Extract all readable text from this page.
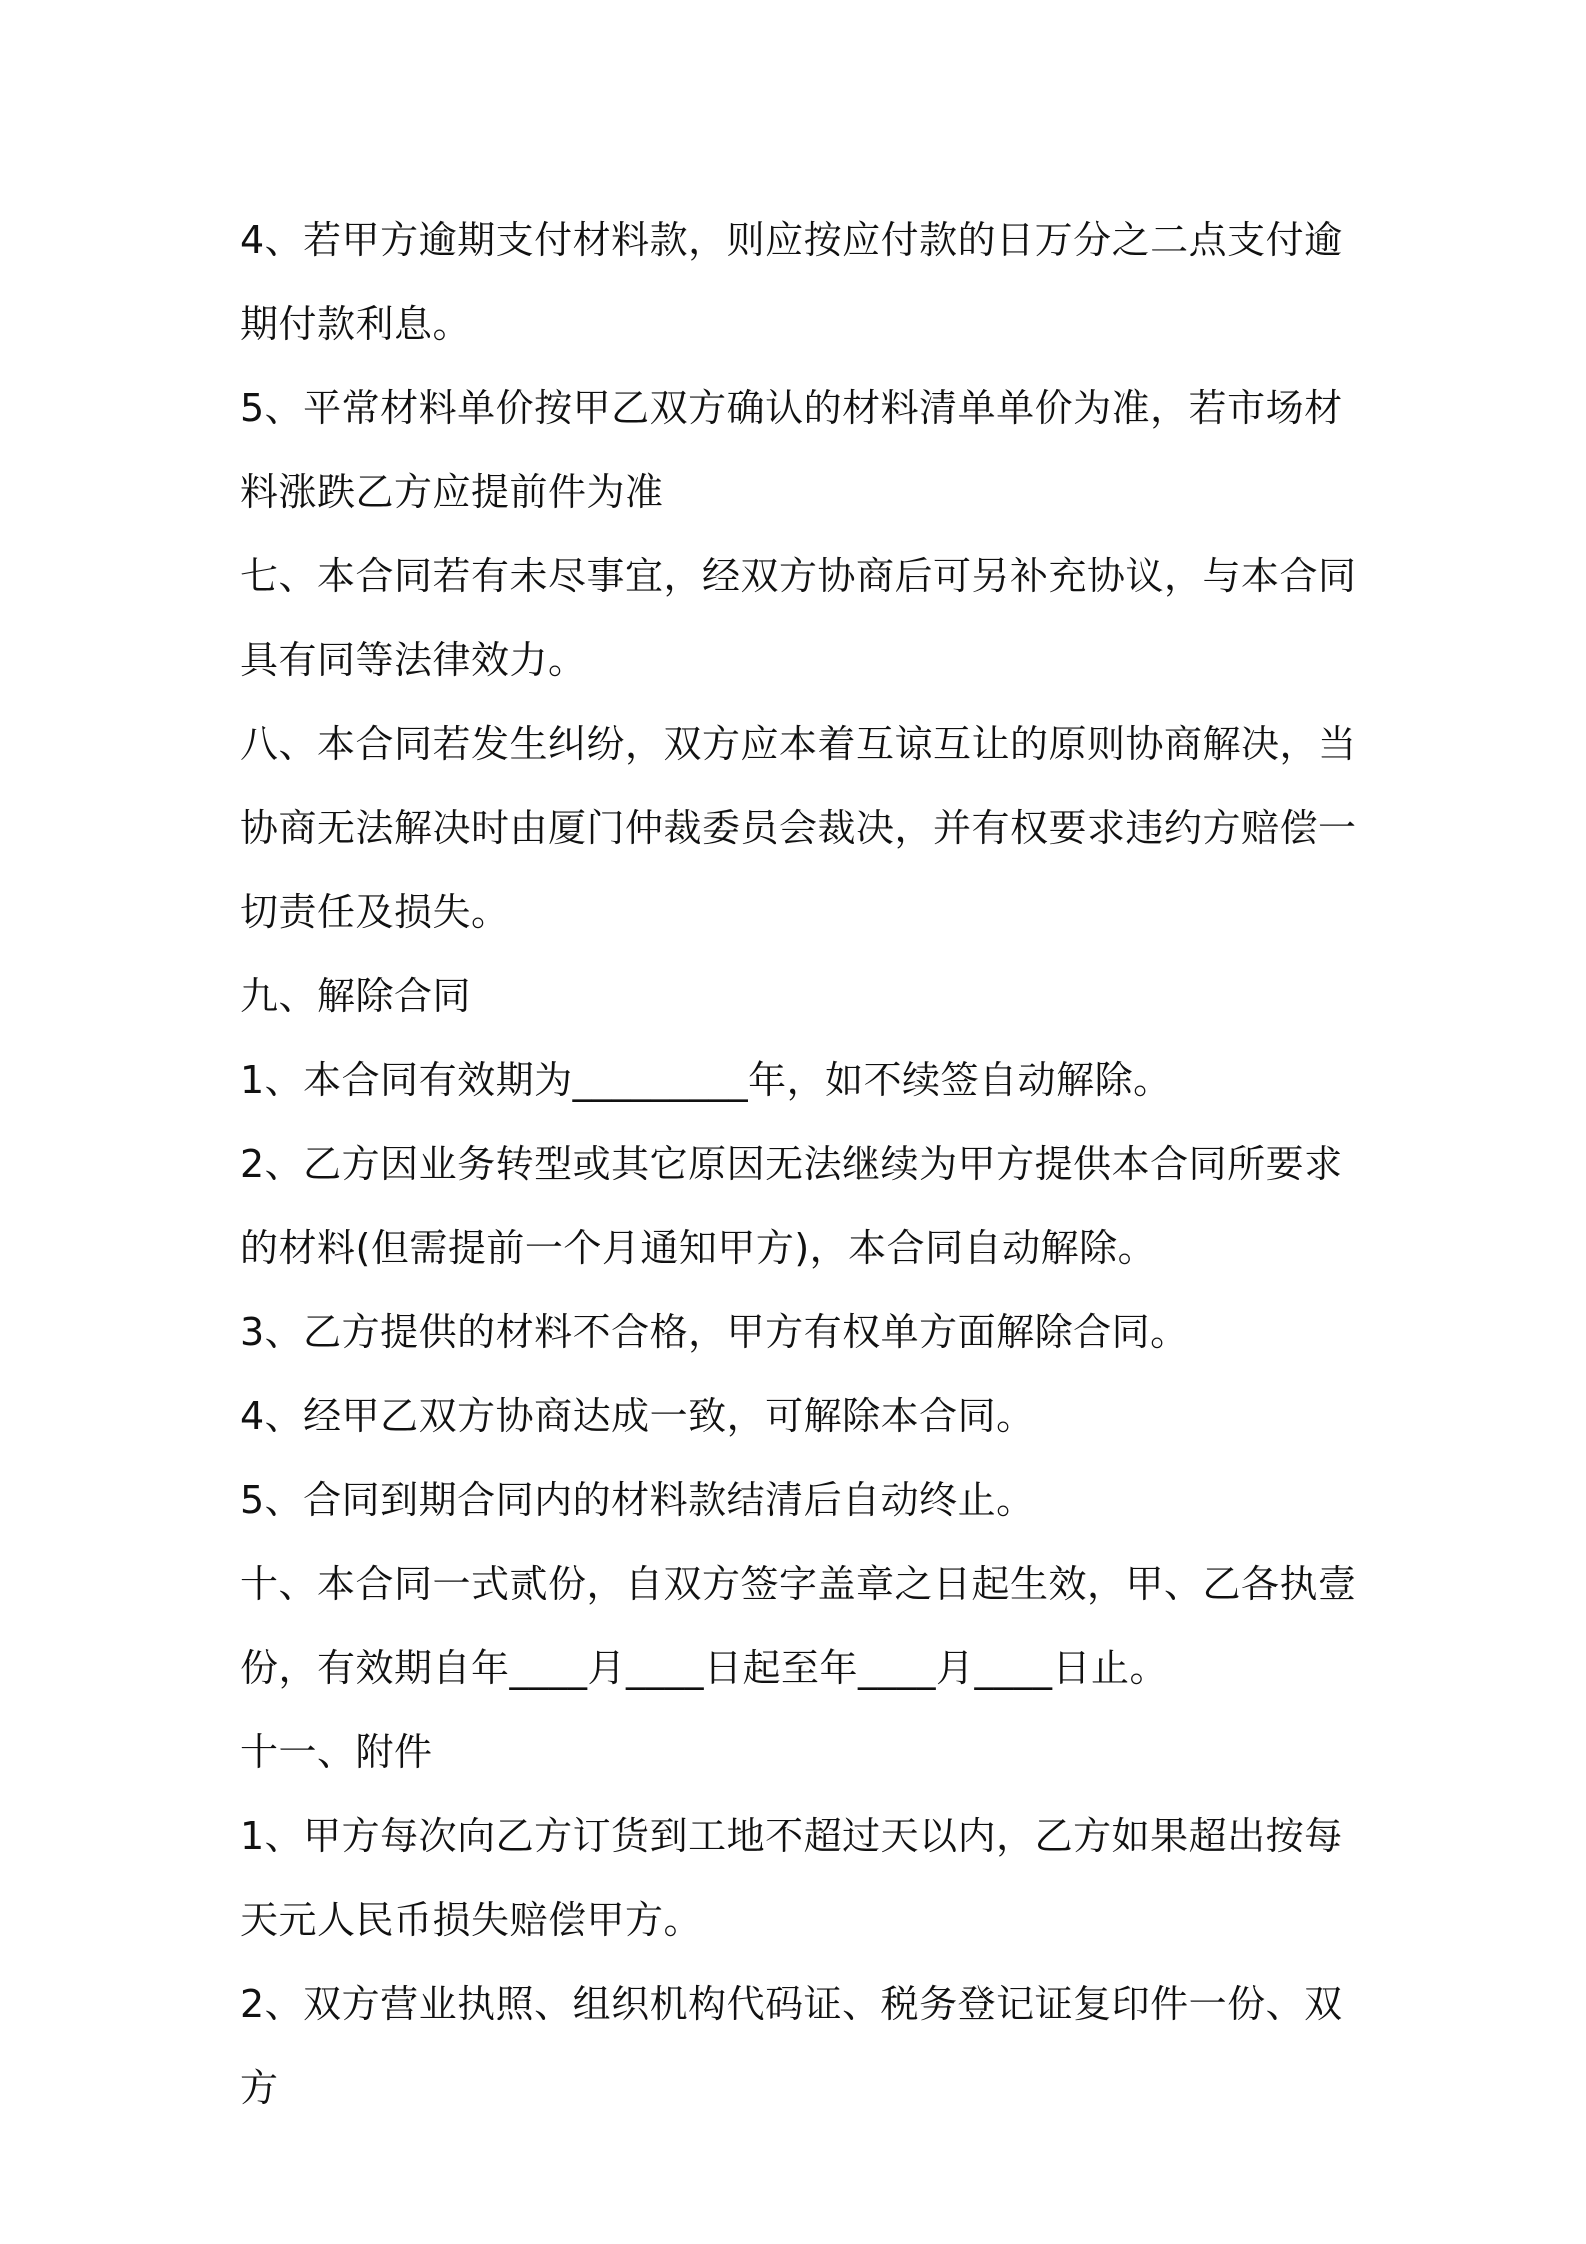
4、若甲方逾期支付材料款，则应按应付款的日万分之二点支付逾期付款利息。

5、平常材料单价按甲乙双方确认的材料清单单价为准，若市场材料涨跌乙方应提前件为准

七、本合同若有未尽事宜，经双方协商后可另补充协议，与本合同具有同等法律效力。

八、本合同若发生纠纷，双方应本着互谅互让的原则协商解决，当协商无法解决时由厦门仲裁委员会裁决，并有权要求违约方赔偿一切责任及损失。

九、解除合同

1、本合同有效期为_________年，如不续签自动解除。

2、乙方因业务转型或其它原因无法继续为甲方提供本合同所要求的材料(但需提前一个月通知甲方)，本合同自动解除。

3、乙方提供的材料不合格，甲方有权单方面解除合同。

4、经甲乙双方协商达成一致，可解除本合同。

5、合同到期合同内的材料款结清后自动终止。

十、本合同一式贰份，自双方签字盖章之日起生效，甲、乙各执壹份，有效期自年____月____日起至年____月____日止。

十一、附件

1、甲方每次向乙方订货到工地不超过天以内，乙方如果超出按每天元人民币损失赔偿甲方。

2、双方营业执照、组织机构代码证、税务登记证复印件一份、双方
